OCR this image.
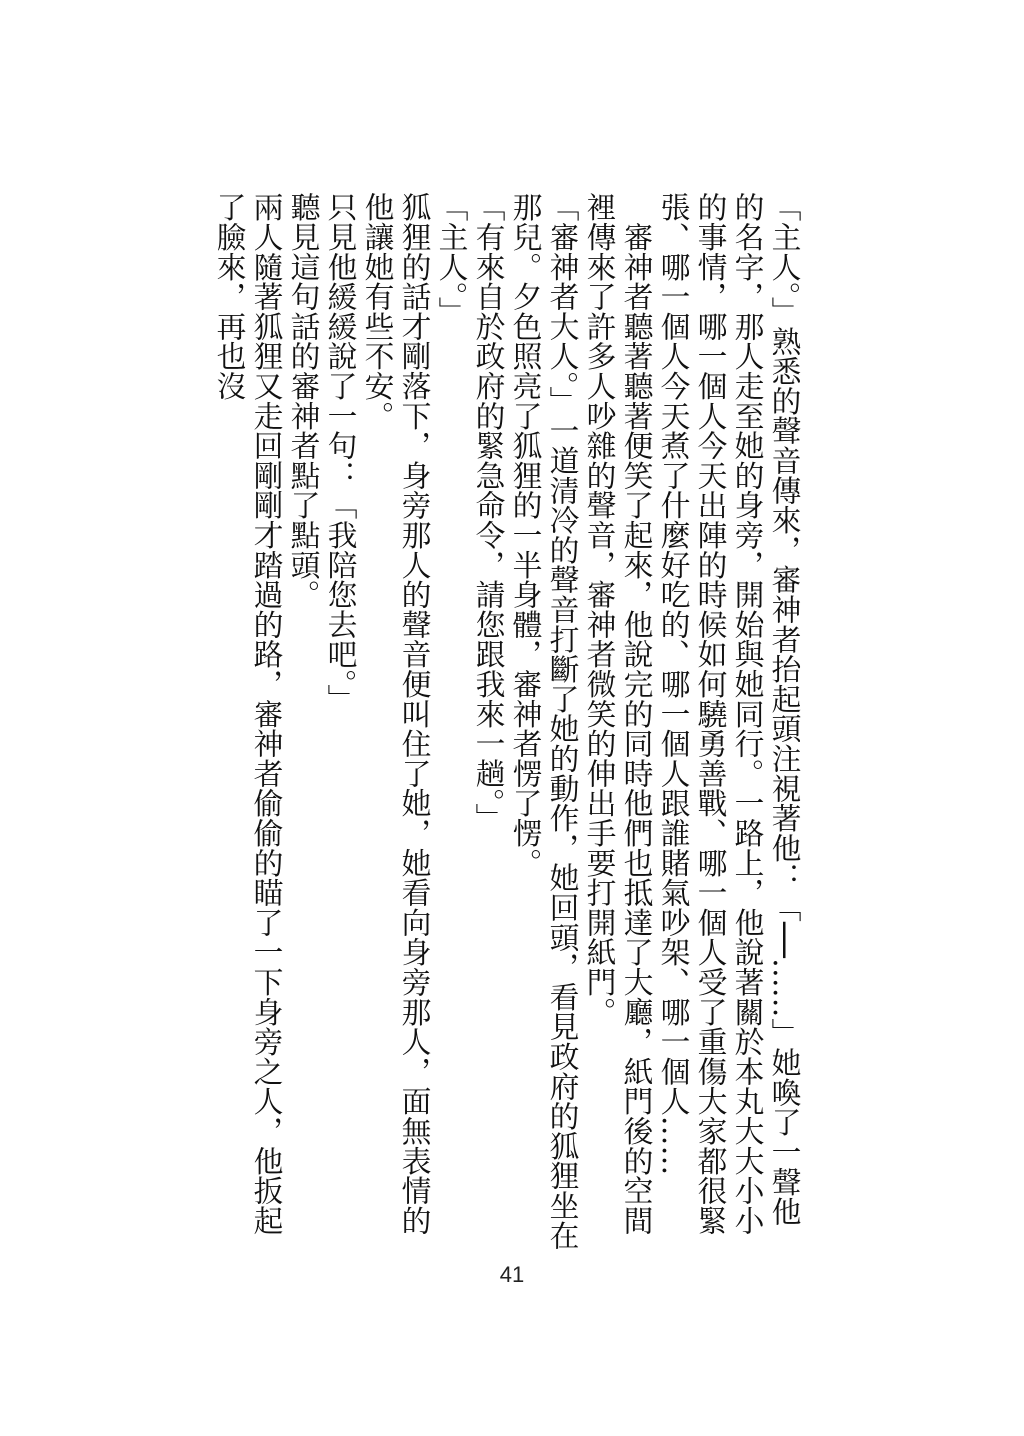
「主人。」熟悉的聲音傳來，審神者抬起頭注視著他：「──……」她喚了一聲他的名字，那人走至她的身旁，開始與她同行。一路上，他說著關於本丸大大小小的事情，哪一個人今天出陣的時候如何驍勇善戰、哪一個人受了重傷大家都很緊張、哪一個人今天煮了什麼好吃的、哪一個人跟誰賭氣吵架、哪一個人……

　審神者聽著聽著便笑了起來，他說完的同時他們也抵達了大廳，紙門後的空間裡傳來了許多人吵雜的聲音，審神者微笑的伸出手要打開紙門。

「審神者大人。」一道清冷的聲音打斷了她的動作，她回頭，看見政府的狐狸坐在那兒。夕色照亮了狐狸的一半身體，審神者愣了愣。

「有來自於政府的緊急命令，請您跟我來一趟。」

「主人。」

狐狸的話才剛落下，身旁那人的聲音便叫住了她，她看向身旁那人，面無表情的他讓她有些不安。

只見他緩緩說了一句：「我陪您去吧。」

聽見這句話的審神者點了點頭。

兩人隨著狐狸又走回剛剛才踏過的路，審神者偷偷的瞄了一下身旁之人，他扳起了臉來，再也沒

41
